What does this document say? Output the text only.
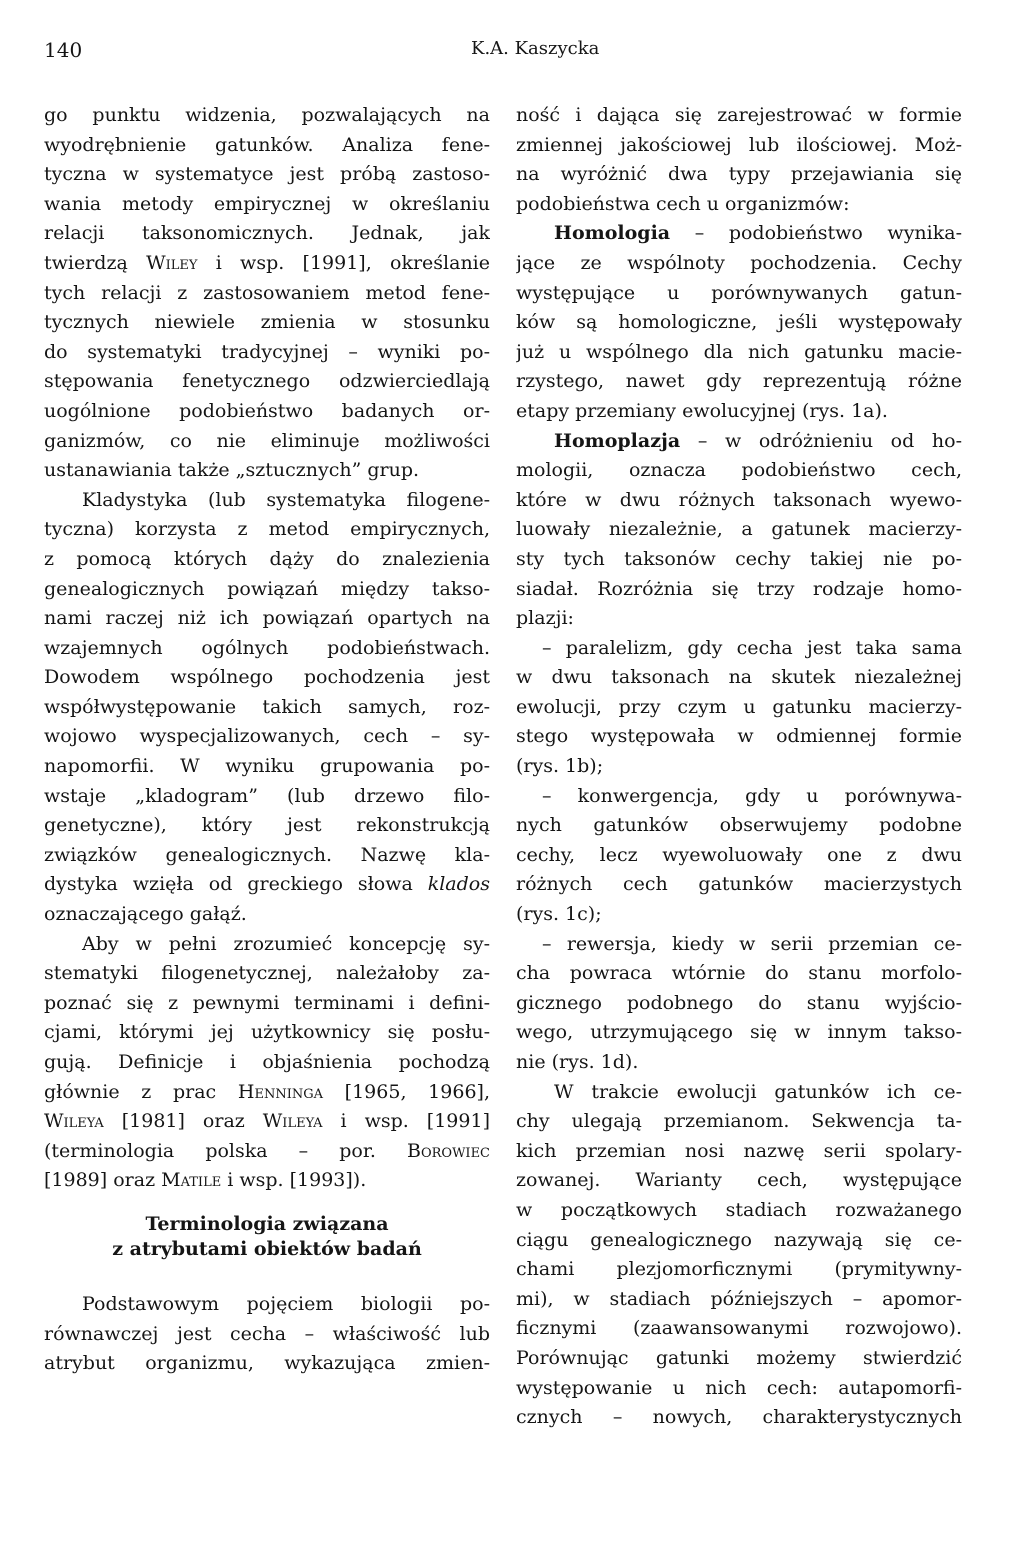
140	K.A. Kaszycka
go punktu widzenia, pozwalających na
wyodrębnienie gatunków. Analiza fene-
tyczna w systematyce jest próbą zastoso-
wania metody empirycznej w określaniu
relacji taksonomicznych. Jednak, jak
twierdzą Wiley i wsp. [1991], określanie
tych relacji z zastosowaniem metod fene-
tycznych niewiele zmienia w stosunku
do systematyki tradycyjnej – wyniki po-
stępowania fenetycznego odzwierciedlają
uogólnione podobieństwo badanych or-
ganizmów, co nie eliminuje możliwości
ustanawiania także „sztucznych” grup.
Kladystyka (lub systematyka filogene-
tyczna) korzysta z metod empirycznych,
z pomocą których dąży do znalezienia
genealogicznych powiązań między takso-
nami raczej niż ich powiązań opartych na
wzajemnych ogólnych podobieństwach.
Dowodem wspólnego pochodzenia jest
współwystępowanie takich samych, roz-
wojowo wyspecjalizowanych, cech – sy-
napomorfii. W wyniku grupowania po-
wstaje „kladogram” (lub drzewo filo-
genetyczne), który jest rekonstrukcją
związków genealogicznych. Nazwę kla-
dystyka wzięła od greckiego słowa klados
oznaczającego gałąź.
Aby w pełni zrozumieć koncepcję sy-
stematyki filogenetycznej, należałoby za-
poznać się z pewnymi terminami i defini-
cjami, którymi jej użytkownicy się posłu-
gują. Definicje i objaśnienia pochodzą
głównie z prac Henninga [1965, 1966],
Wileya [1981] oraz Wileya i wsp. [1991]
(terminologia polska – por. Borowiec
[1989] oraz Matile i wsp. [1993]).
Terminologia związana
z atrybutami obiektów badań
Podstawowym pojęciem biologii po-
równawczej jest cecha – właściwość lub
atrybut organizmu, wykazująca zmien-
ność i dająca się zarejestrować w formie
zmiennej jakościowej lub ilościowej. Moż-
na wyróżnić dwa typy przejawiania się
podobieństwa cech u organizmów:
Homologia – podobieństwo wynika-
jące ze wspólnoty pochodzenia. Cechy
występujące u porównywanych gatun-
ków są homologiczne, jeśli występowały
już u wspólnego dla nich gatunku macie-
rzystego, nawet gdy reprezentują różne
etapy przemiany ewolucyjnej (rys. 1a).
Homoplazja – w odróżnieniu od ho-
mologii, oznacza podobieństwo cech,
które w dwu różnych taksonach wyewo-
luowały niezależnie, a gatunek macierzy-
sty tych taksonów cechy takiej nie po-
siadał. Rozróżnia się trzy rodzaje homo-
plazji:
– paralelizm, gdy cecha jest taka sama
w dwu taksonach na skutek niezależnej
ewolucji, przy czym u gatunku macierzy-
stego występowała w odmiennej formie
(rys. 1b);
– konwergencja, gdy u porównywa-
nych gatunków obserwujemy podobne
cechy, lecz wyewoluowały one z dwu
różnych cech gatunków macierzystych
(rys. 1c);
– rewersja, kiedy w serii przemian ce-
cha powraca wtórnie do stanu morfolo-
gicznego podobnego do stanu wyjścio-
wego, utrzymującego się w innym takso-
nie (rys. 1d).
W trakcie ewolucji gatunków ich ce-
chy ulegają przemianom. Sekwencja ta-
kich przemian nosi nazwę serii spolary-
zowanej. Warianty cech, występujące
w początkowych stadiach rozważanego
ciągu genealogicznego nazywają się ce-
chami plezjomorficznymi (prymitywny-
mi), w stadiach późniejszych – apomor-
ficznymi (zaawansowanymi rozwojowo).
Porównując gatunki możemy stwierdzić
występowanie u nich cech: autapomorfi-
cznych – nowych, charakterystycznych
